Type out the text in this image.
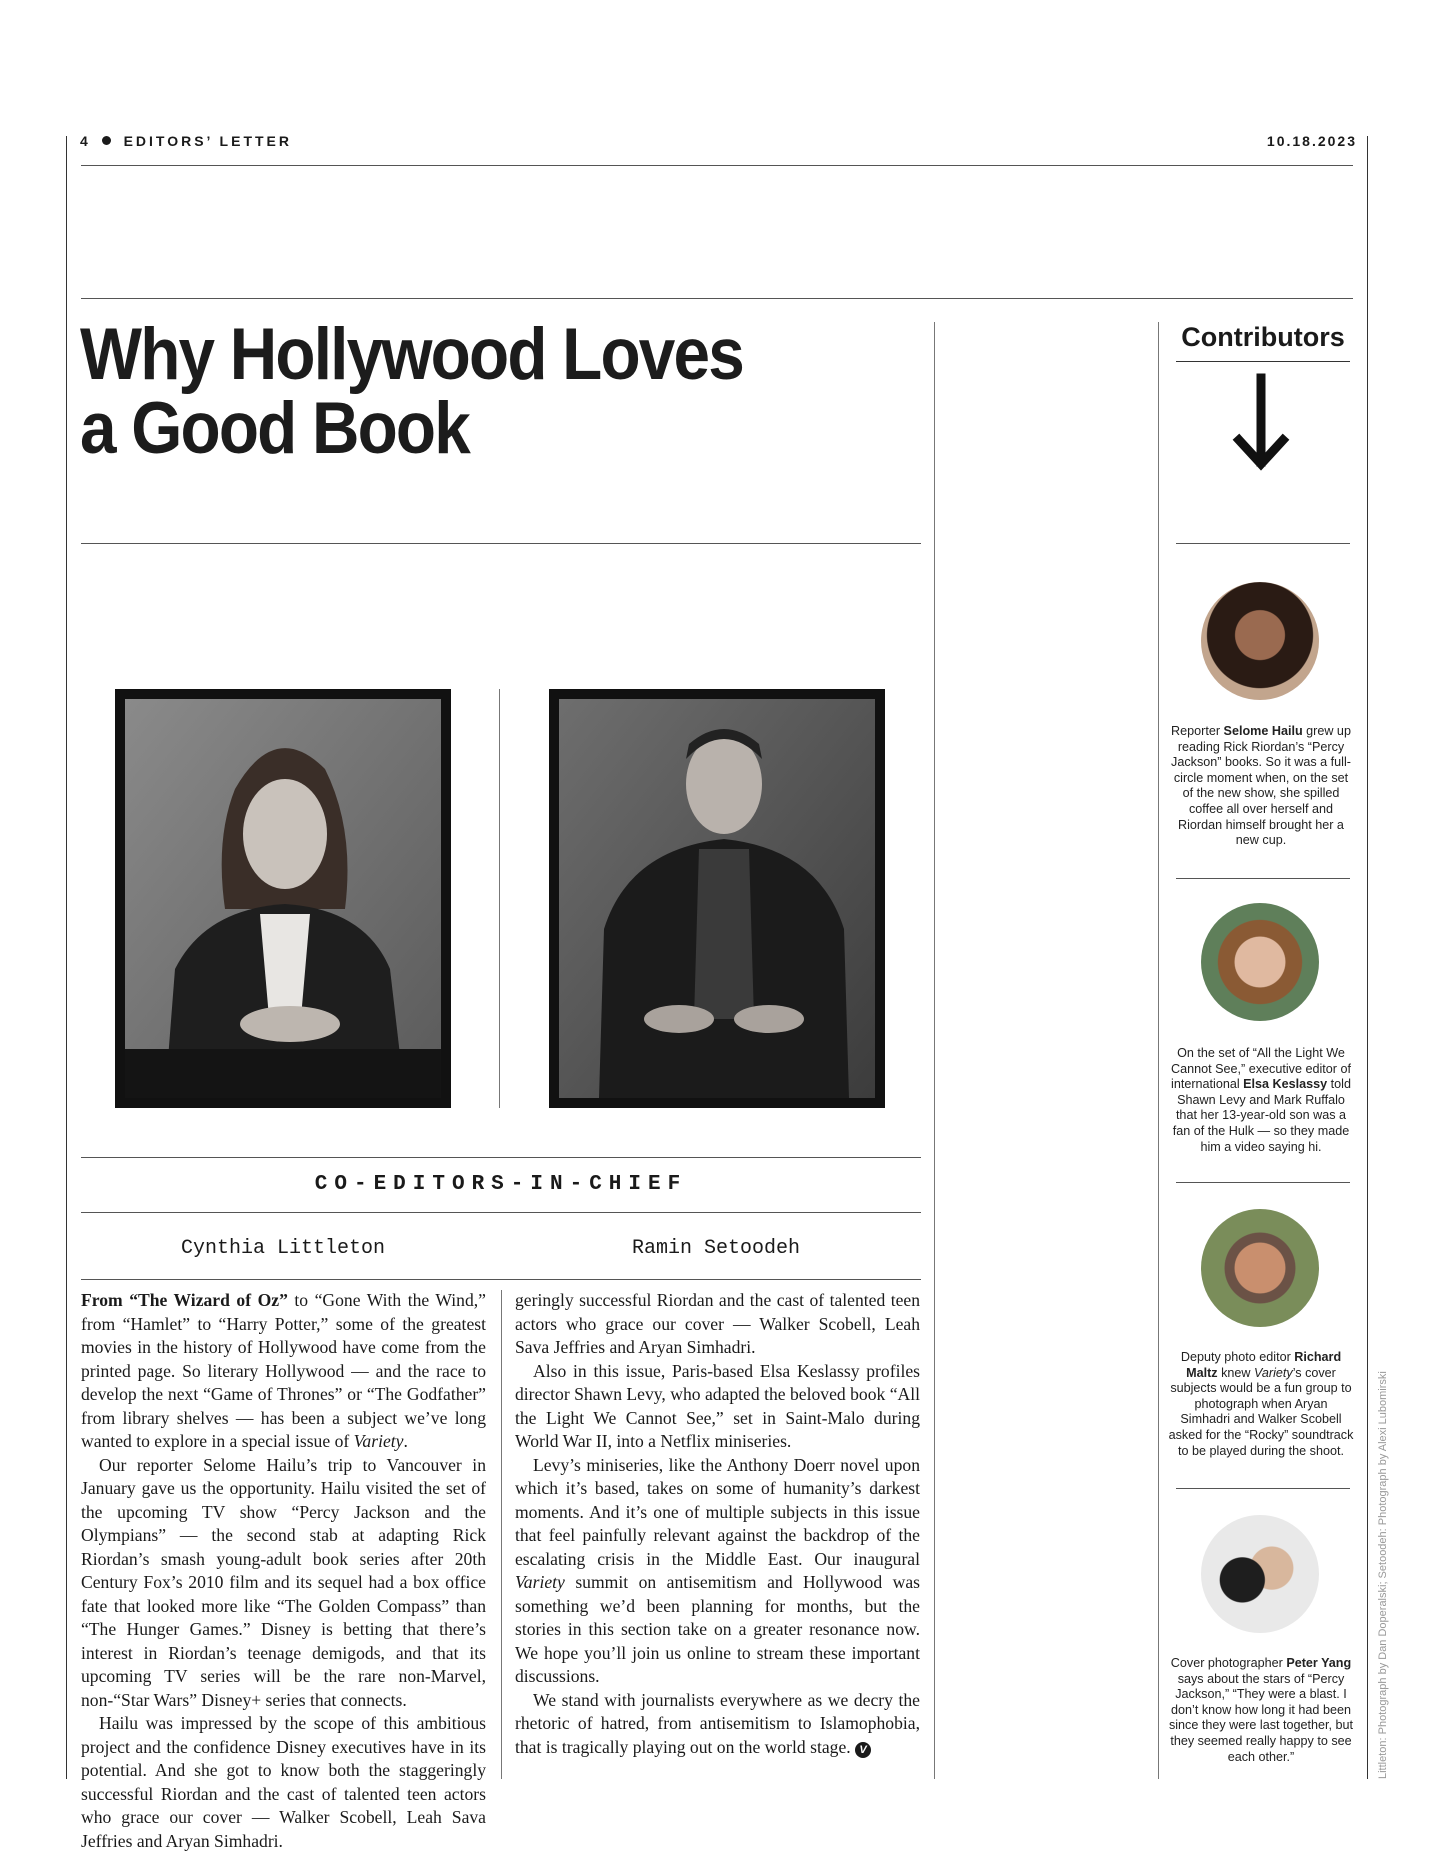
4 EDITORS’ LETTER	10.18.2023
Why Hollywood Loves
a Good Book
CO-EDITORS-IN-CHIEF
Cynthia Littleton	Ramin Setoodeh

From “The Wizard of Oz” to “Gone With the Wind,” from “Hamlet” to “Harry Potter,” some of the greatest movies in the history of Hollywood have come from the printed page. So literary Hollywood — and the race to develop the next “Game of Thrones” or “The Godfather” from library shelves — has been a subject we’ve long wanted to explore in a special issue of Variety.

Our reporter Selome Hailu’s trip to Vancouver in January gave us the opportunity. Hailu visited the set of the upcoming TV show “Percy Jackson and the Olympians” — the second stab at adapting Rick Riordan’s smash young-adult book series after 20th Century Fox’s 2010 film and its sequel had a box office fate that looked more like “The Golden Compass” than “The Hunger Games.” Disney is betting that there’s interest in Riordan’s teenage demigods, and that its upcoming TV series will be the rare non-Marvel, non-“Star Wars” Disney+ series that connects.

Hailu was impressed by the scope of this ambitious project and the confidence Disney executives have in its potential. And she got to know both the staggeringly successful Riordan and the cast of talented teen actors who grace our cover — Walker Scobell, Leah Sava Jeffries and Aryan Simhadri.

geringly successful Riordan and the cast of talented teen actors who grace our cover — Walker Scobell, Leah Sava Jeffries and Aryan Simhadri.

Also in this issue, Paris-based Elsa Keslassy profiles director Shawn Levy, who adapted the beloved book “All the Light We Cannot See,” set in Saint-Malo during World War II, into a Netflix miniseries.

Levy’s miniseries, like the Anthony Doerr novel upon which it’s based, takes on some of humanity’s darkest moments. And it’s one of multiple subjects in this issue that feel painfully relevant against the backdrop of the escalating crisis in the Middle East. Our inaugural Variety summit on antisemitism and Hollywood was something we’d been planning for months, but the stories in this section take on a greater resonance now. We hope you’ll join us online to stream these important discussions.

We stand with journalists everywhere as we decry the rhetoric of hatred, from antisemitism to Islamophobia, that is tragically playing out on the world stage. V

Contributors
Reporter Selome Hailu grew up reading Rick Riordan’s “Percy Jackson” books. So it was a full-circle moment when, on the set of the new show, she spilled coffee all over herself and Riordan himself brought her a new cup.
On the set of “All the Light We Cannot See,” executive editor of international Elsa Keslassy told Shawn Levy and Mark Ruffalo that her 13-year-old son was a fan of the Hulk — so they made him a video saying hi.
Deputy photo editor Richard Maltz knew Variety’s cover subjects would be a fun group to photograph when Aryan Simhadri and Walker Scobell asked for the “Rocky” soundtrack to be played during the shoot.
Cover photographer Peter Yang says about the stars of “Percy Jackson,” “They were a blast. I don’t know how long it had been since they were last together, but they seemed really happy to see each other.”	Littleton: Photograph by Dan Doperalski; Setoodeh: Photograph by Alexi Lubomirski
